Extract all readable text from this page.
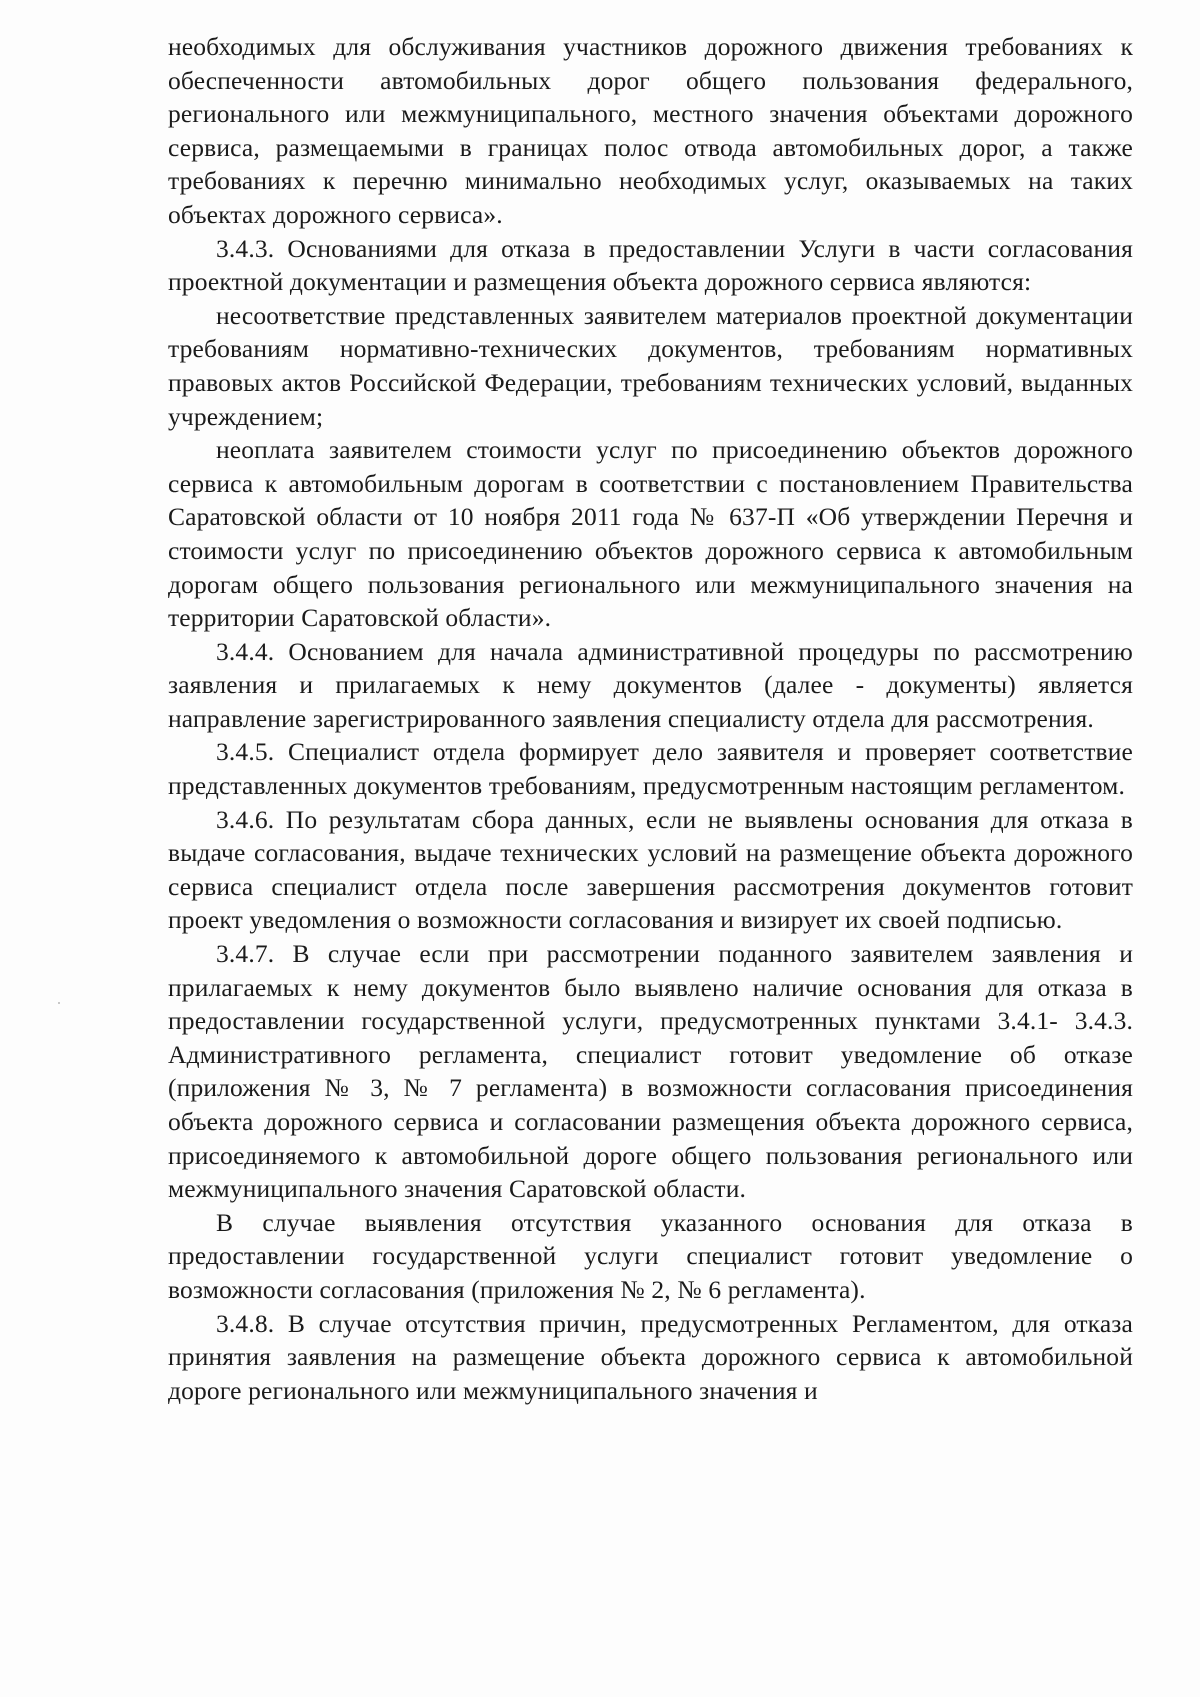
необходимых для обслуживания участников дорожного движения требованиях к обеспеченности автомобильных дорог общего пользования федерального, регионального или межмуниципального, местного значения объектами дорожного сервиса, размещаемыми в границах полос отвода автомобильных дорог, а также требованиях к перечню минимально необходимых услуг, оказываемых на таких объектах дорожного сервиса».

3.4.3. Основаниями для отказа в предоставлении Услуги в части согласования проектной документации и размещения объекта дорожного сервиса являются:

несоответствие представленных заявителем материалов проектной документации требованиям нормативно-технических документов, требованиям нормативных правовых актов Российской Федерации, требованиям технических условий, выданных учреждением;

неоплата заявителем стоимости услуг по присоединению объектов дорожного сервиса к автомобильным дорогам в соответствии с постановлением Правительства Саратовской области от 10 ноября 2011 года № 637-П «Об утверждении Перечня и стоимости услуг по присоединению объектов дорожного сервиса к автомобильным дорогам общего пользования регионального или межмуниципального значения на территории Саратовской области».

3.4.4. Основанием для начала административной процедуры по рассмотрению заявления и прилагаемых к нему документов (далее - документы) является направление зарегистрированного заявления специалисту отдела для рассмотрения.

3.4.5. Специалист отдела формирует дело заявителя и проверяет соответствие представленных документов требованиям, предусмотренным настоящим регламентом.

3.4.6. По результатам сбора данных, если не выявлены основания для отказа в выдаче согласования, выдаче технических условий на размещение объекта дорожного сервиса специалист отдела после завершения рассмотрения документов готовит проект уведомления о возможности согласования и визирует их своей подписью.

3.4.7. В случае если при рассмотрении поданного заявителем заявления и прилагаемых к нему документов было выявлено наличие основания для отказа в предоставлении государственной услуги, предусмотренных пунктами 3.4.1- 3.4.3. Административного регламента, специалист готовит уведомление об отказе (приложения № 3, № 7 регламента) в возможности согласования присоединения объекта дорожного сервиса и согласовании размещения объекта дорожного сервиса, присоединяемого к автомобильной дороге общего пользования регионального или межмуниципального значения Саратовской области.

В случае выявления отсутствия указанного основания для отказа в предоставлении государственной услуги специалист готовит уведомление о возможности согласования (приложения № 2, № 6 регламента).

3.4.8. В случае отсутствия причин, предусмотренных Регламентом, для отказа принятия заявления на размещение объекта дорожного сервиса к автомобильной дороге регионального или межмуниципального значения и
